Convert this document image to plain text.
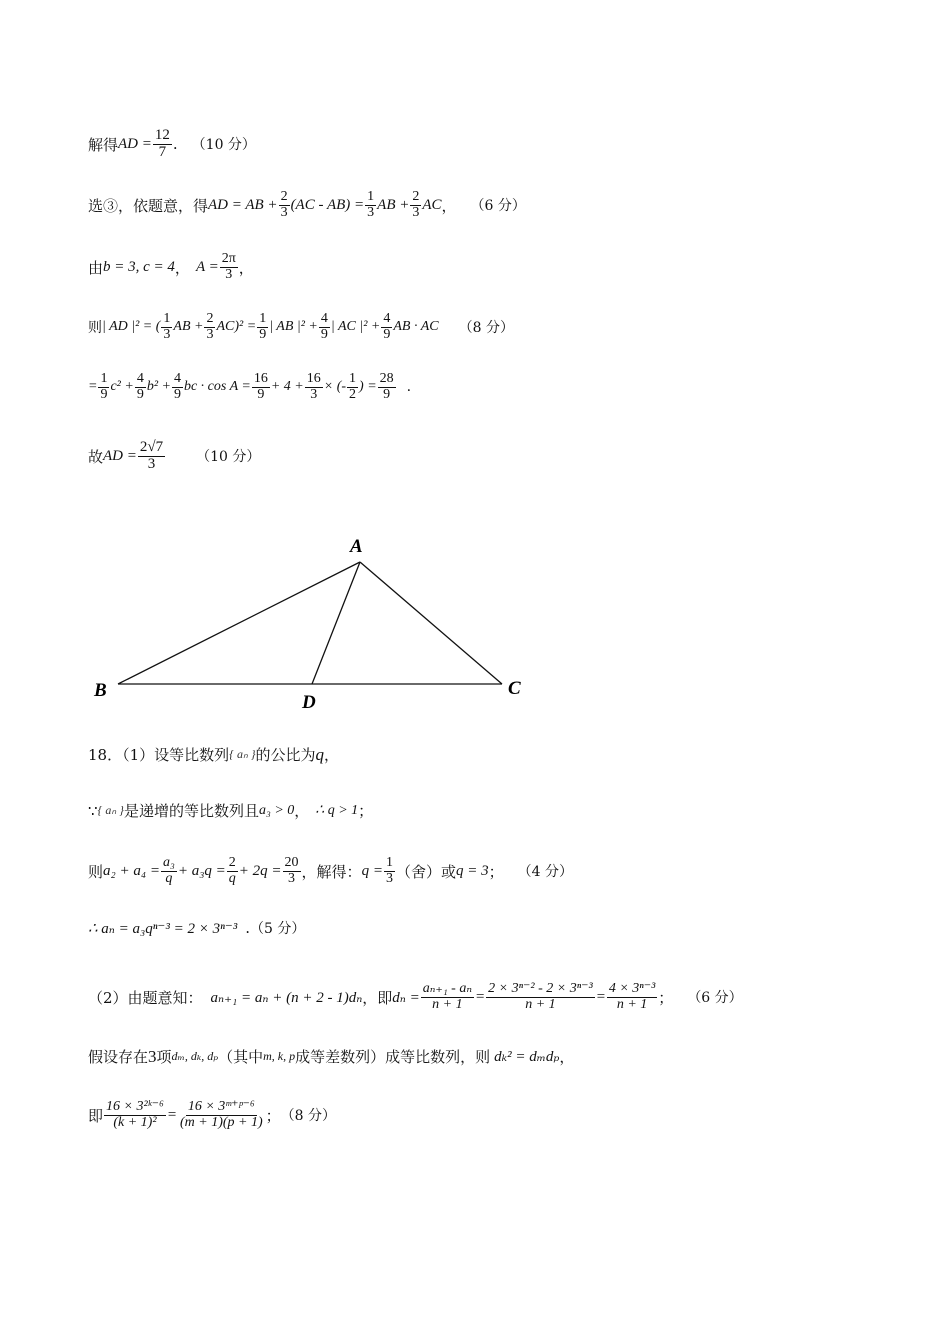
解得 AD = $\frac{12}{7}$ . （10 分）
选③，依题意，得 AD = AB + $\frac{2}{3} (AC - AB) = \frac{1}{3}$ AB + $\frac{2}{3}$ AC ， （6 分）
由 b = 3, c = 4 ， $A = \frac{2\pi}{3}$ ，
则 | AD |² = ( $\frac{1}{3}$ AB + $\frac{2}{3} AC)^2 = \frac{1}{9}$ | AB $|^2 + \frac{4}{9}$ | AC $|^2 + \frac{4}{9}$ AB · AC （8 分）
= $\frac{1}{9} c^2 + \frac{4}{9} b^2 + \frac{4}{9}$ bc · $\cos A = \frac{16}{9} + 4 + \frac{16}{3}$ × (- $\frac{1}{2}$ ) = $\frac{28}{9}$ .
故 AD = $\frac{2√7}{3} (10$ 分）
A
B	C
D
18．（1）设等比数列 { aₙ } 的公比为 q ，
∵ { aₙ } 是递增的等比数列且 a₃ > 0 ， ∴ q > 1 ；
则 $a_2 + a_4 = \frac{\text{a₃}}{q} + a_3q = \frac{2}{q} + 2q = \frac{20}{3}$ ，解得： $q = \frac{1}{3}$ （舍）或 q = 3 ； （4 分）
∴ aₙ = a₃qⁿ⁻³ = 2 × 3ⁿ⁻³ . （5 分）
（2）由题意知： aₙ₊₁ = aₙ + (n + 2 - 1)dₙ ，即 $d_n = \frac{\text{aₙ₊₁ - aₙ}}{n + 1} = \frac{\text{2 × 3ⁿ⁻² - 2 × 3ⁿ⁻³}}{n + 1} = \frac{\text{4 × 3ⁿ⁻³}}{n + 1}$ ； （6 分）
假设存在 3 项 dₘ, dₖ, dₚ （其中 m, k, p 成等差数列）成等比数列，则 dₖ² = dₘdₚ ，
即 $\frac{\text{16 × 3²ᵏ⁻⁶}}{\text{(k + 1)²}} = \frac{\text{16 × 3ᵐ⁺ᵖ⁻⁶}}{(m + 1)(p + 1)}$ ； （8 分）
